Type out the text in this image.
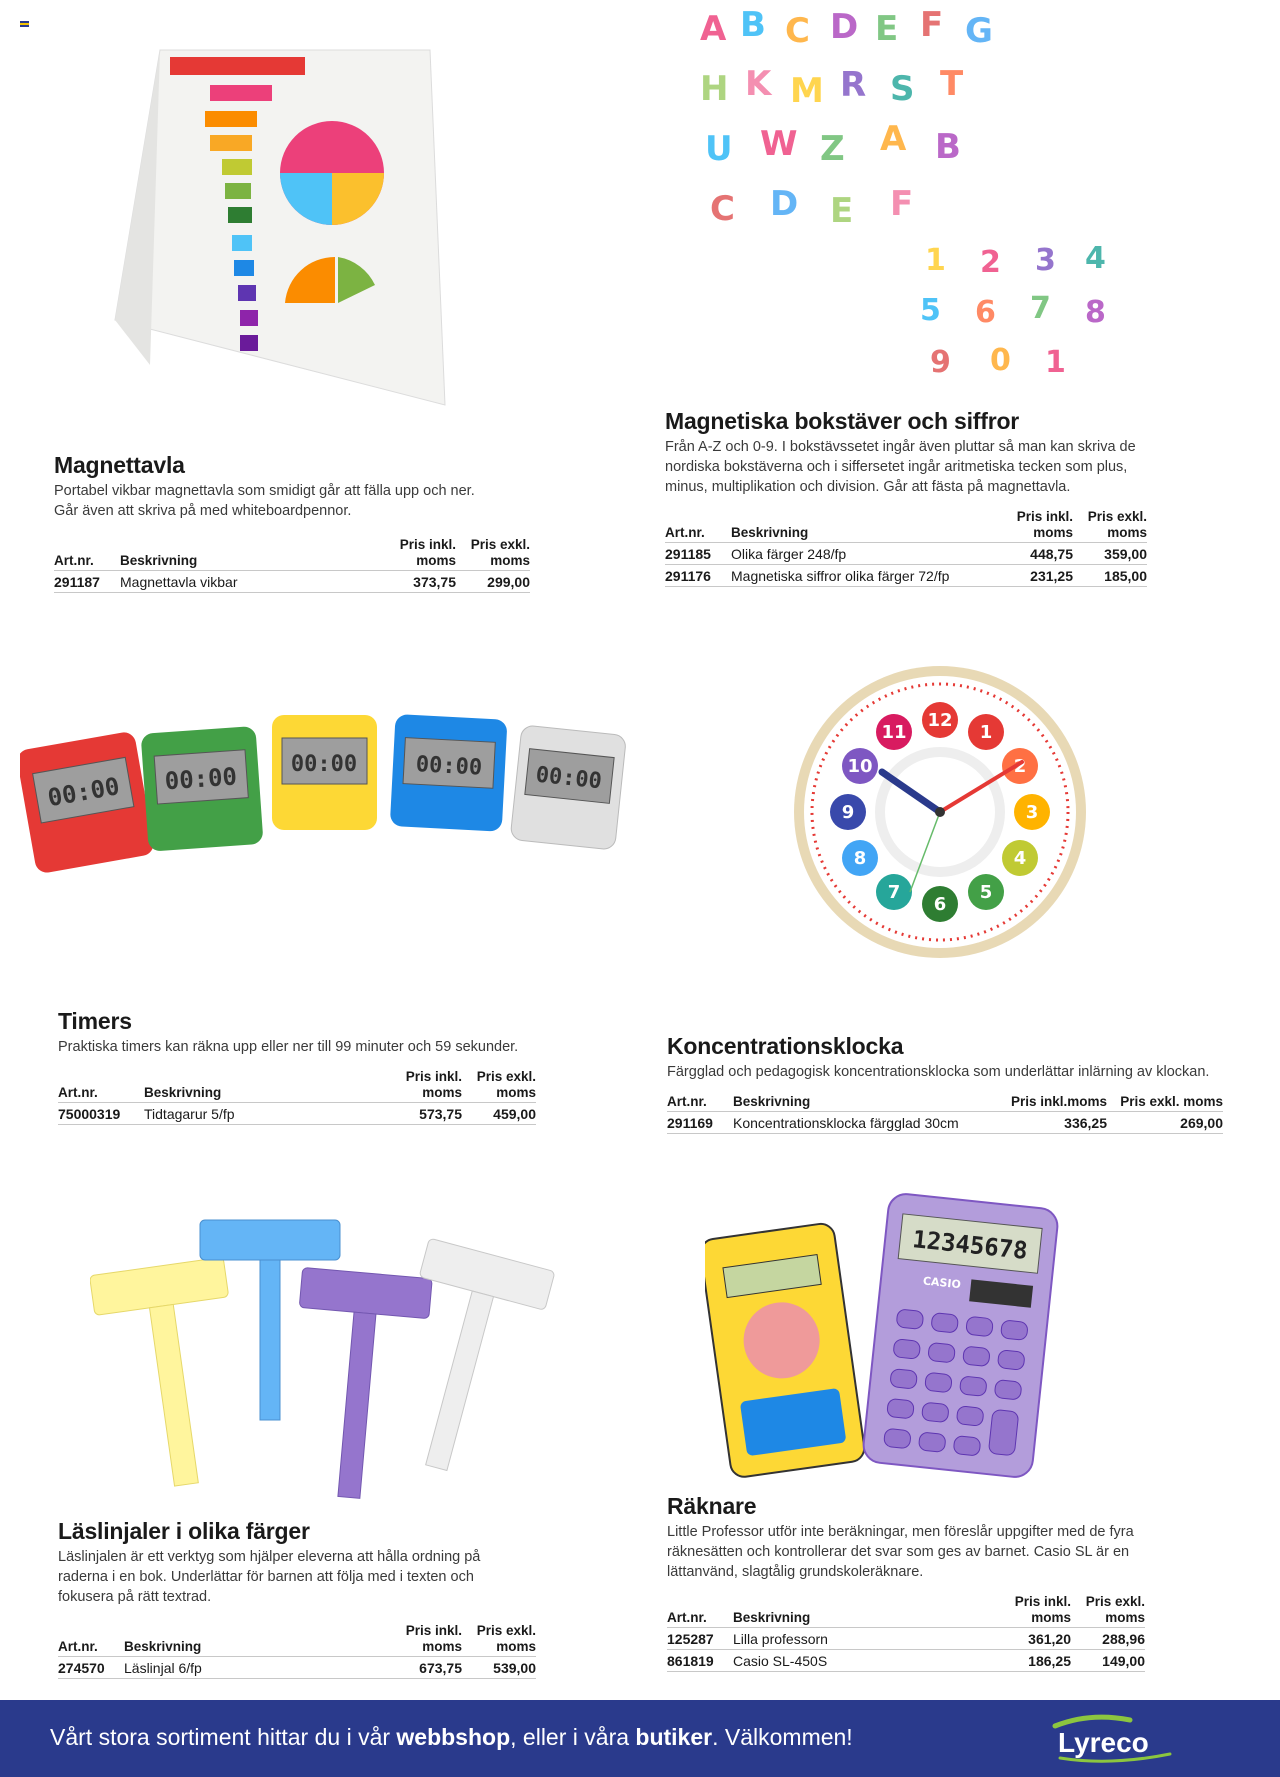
Magnettavla
Portabel vikbar magnettavla som smidigt går att fälla upp och ner. Går även att skriva på med whiteboardpennor.
Art.nr.	Beskrivning	Pris inkl. moms	Pris exkl. moms
291187	Magnettavla vikbar	373,75	299,00
A B C D E F G
H K M R S T
U W Z A B
C D E F
1 2 3 4
5 6 7 8
9 0 1
Magnetiska bokstäver och siffror
Från A-Z och 0-9. I bokstävssetet ingår även pluttar så man kan skriva de nordiska bokstäverna och i siffersetet ingår aritmetiska tecken som plus, minus, multiplikation och division. Går att fästa på magnettavla.
Art.nr.	Beskrivning	Pris inkl. moms	Pris exkl. moms
291185	Olika färger 248/fp	448,75	359,00
291176	Magnetiska siffror olika färger 72/fp	231,25	185,00
00:00 00:00 00:00	00:00 00:00
Timers
Praktiska timers kan räkna upp eller ner till 99 minuter och 59 sekunder.
Art.nr.	Beskrivning	Pris inkl. moms	Pris exkl. moms
75000319	Tidtagarur 5/fp	573,75	459,00
12
1
2
3
4
5
6
7
8
9
10
11
Koncentrationsklocka
Färgglad och pedagogisk koncentrationsklocka som underlättar inlärning av klockan.
Art.nr.	Beskrivning	Pris inkl.moms	Pris exkl. moms
291169	Koncentrationsklocka färgglad 30cm	336,25	269,00
Läslinjaler i olika färger
Läslinjalen är ett verktyg som hjälper eleverna att hålla ordning på raderna i en bok. Underlättar för barnen att följa med i texten och fokusera på rätt textrad.
Art.nr.	Beskrivning	Pris inkl. moms	Pris exkl. moms
274570	Läslinjal 6/fp	673,75	539,00
12345678
CASIO
Räknare
Little Professor utför inte beräkningar, men föreslår uppgifter med de fyra räknesätten och kontrollerar det svar som ges av barnet. Casio SL är en lättanvänd, slagtålig grundskoleräknare.
Art.nr.	Beskrivning	Pris inkl. moms	Pris exkl. moms
125287	Lilla professorn	361,20	288,96
861819	Casio SL-450S	186,25	149,00
Vårt stora sortiment hittar du i vår webbshop, eller i våra butiker. Välkommen!	Lyreco
